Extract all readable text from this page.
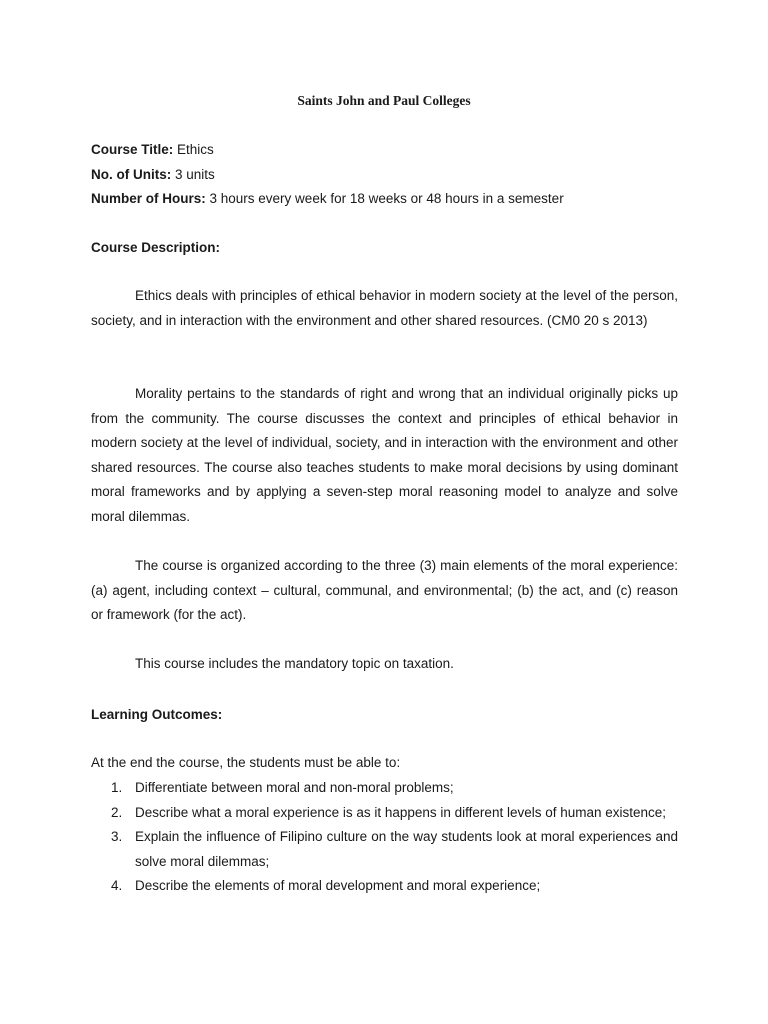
Saints John and Paul Colleges
Course Title: Ethics
No. of Units: 3 units
Number of Hours: 3 hours every week for 18 weeks or 48 hours in a semester
Course Description:
Ethics deals with principles of ethical behavior in modern society at the level of the person, society, and in interaction with the environment and other shared resources. (CM0 20 s 2013)
Morality pertains to the standards of right and wrong that an individual originally picks up from the community. The course discusses the context and principles of ethical behavior in modern society at the level of individual, society, and in interaction with the environment and other shared resources. The course also teaches students to make moral decisions by using dominant moral frameworks and by applying a seven-step moral reasoning model to analyze and solve moral dilemmas.
The course is organized according to the three (3) main elements of the moral experience: (a) agent, including context – cultural, communal, and environmental; (b) the act, and (c) reason or framework (for the act).
This course includes the mandatory topic on taxation.
Learning Outcomes:
At the end the course, the students must be able to:
1. Differentiate between moral and non-moral problems;
2. Describe what a moral experience is as it happens in different levels of human existence;
3. Explain the influence of Filipino culture on the way students look at moral experiences and solve moral dilemmas;
4. Describe the elements of moral development and moral experience;
